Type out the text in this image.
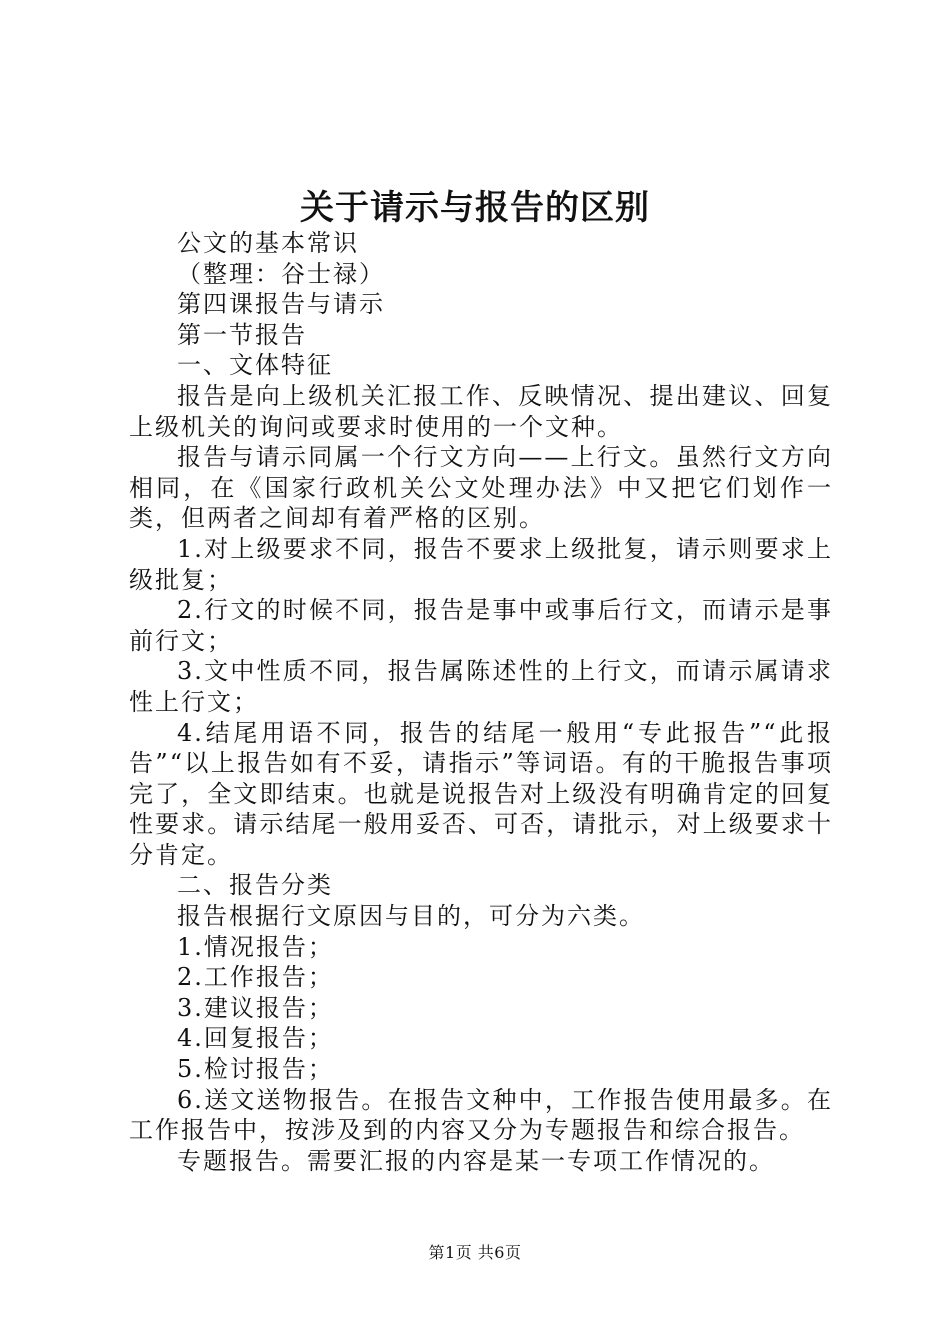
关于请示与报告的区别

公文的基本常识

（整理：谷士禄）

第四课报告与请示

第一节报告

一、文体特征

报告是向上级机关汇报工作、反映情况、提出建议、回复上级机关的询问或要求时使用的一个文种。

报告与请示同属一个行文方向——上行文。虽然行文方向相同，在《国家行政机关公文处理办法》中又把它们划作一类，但两者之间却有着严格的区别。

1.对上级要求不同，报告不要求上级批复，请示则要求上级批复；

2.行文的时候不同，报告是事中或事后行文，而请示是事前行文；

3.文中性质不同，报告属陈述性的上行文，而请示属请求性上行文；

4.结尾用语不同，报告的结尾一般用“专此报告”“此报告”“以上报告如有不妥，请指示”等词语。有的干脆报告事项完了，全文即结束。也就是说报告对上级没有明确肯定的回复性要求。请示结尾一般用妥否、可否，请批示，对上级要求十分肯定。

二、报告分类

报告根据行文原因与目的，可分为六类。

1.情况报告；

2.工作报告；

3.建议报告；

4.回复报告；

5.检讨报告；

6.送文送物报告。在报告文种中，工作报告使用最多。在工作报告中，按涉及到的内容又分为专题报告和综合报告。

专题报告。需要汇报的内容是某一专项工作情况的。

第1页 共6页
